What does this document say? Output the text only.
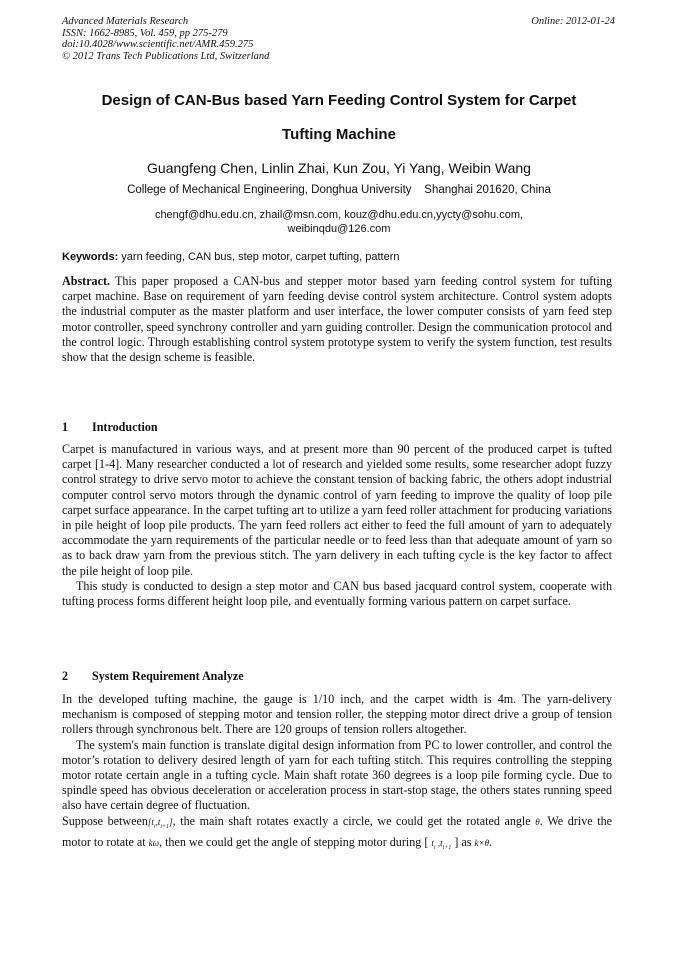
Advanced Materials Research
ISSN: 1662-8985, Vol. 459, pp 275-279
doi:10.4028/www.scientific.net/AMR.459.275
© 2012 Trans Tech Publications Ltd, Switzerland
Online: 2012-01-24
Design of CAN-Bus based Yarn Feeding Control System for Carpet
Tufting Machine
Guangfeng Chen, Linlin Zhai, Kun Zou, Yi Yang, Weibin Wang
College of Mechanical Engineering, Donghua University    Shanghai 201620, China
chengf@dhu.edu.cn, zhail@msn.com, kouz@dhu.edu.cn,yycty@sohu.com,
weibinqdu@126.com
Keywords: yarn feeding, CAN bus, step motor, carpet tufting, pattern

Abstract. This paper proposed a CAN-bus and stepper motor based yarn feeding control system for tufting carpet machine. Base on requirement of yarn feeding devise control system architecture. Control system adopts the industrial computer as the master platform and user interface, the lower computer consists of yarn feed step motor controller, speed synchrony controller and yarn guiding controller. Design the communication protocol and the control logic. Through establishing control system prototype system to verify the system function, test results show that the design scheme is feasible.

1 Introduction

Carpet is manufactured in various ways, and at present more than 90 percent of the produced carpet is tufted carpet [1-4]. Many researcher conducted a lot of research and yielded some results, some researcher adopt fuzzy control strategy to drive servo motor to achieve the constant tension of backing fabric, the others adopt industrial computer control servo motors through the dynamic control of yarn feeding to improve the quality of loop pile carpet surface appearance. In the carpet tufting art to utilize a yarn feed roller attachment for producing variations in pile height of loop pile products. The yarn feed rollers act either to feed the full amount of yarn to adequately accommodate the yarn requirements of the particular needle or to feed less than that adequate amount of yarn so as to back draw yarn from the previous stitch. The yarn delivery in each tufting cycle is the key factor to affect the pile height of loop pile.

This study is conducted to design a step motor and CAN bus based jacquard control system, cooperate with tufting process forms different height loop pile, and eventually forming various pattern on carpet surface.

2 System Requirement Analyze

In the developed tufting machine, the gauge is 1/10 inch, and the carpet width is 4m. The yarn-delivery mechanism is composed of stepping motor and tension roller, the stepping motor direct drive a group of tension rollers through synchronous belt. There are 120 groups of tension rollers altogether.

The system's main function is translate digital design information from PC to lower controller, and control the motor’s rotation to delivery desired length of yarn for each tufting stitch. This requires controlling the stepping motor rotate certain angle in a tufting cycle. Main shaft rotate 360 degrees is a loop pile forming cycle. Due to spindle speed has obvious deceleration or acceleration process in start-stop stage, the others states running speed also have certain degree of fluctuation.

Suppose $between[t_i,t_{i+1}]$, the main shaft rotates exactly a circle, we could get the rotated angle θ. We drive the motor to rotate at kω, then we could get the angle of stepping motor during [ $t_i$ $,t_{i+1}$ ] as k×θ.
